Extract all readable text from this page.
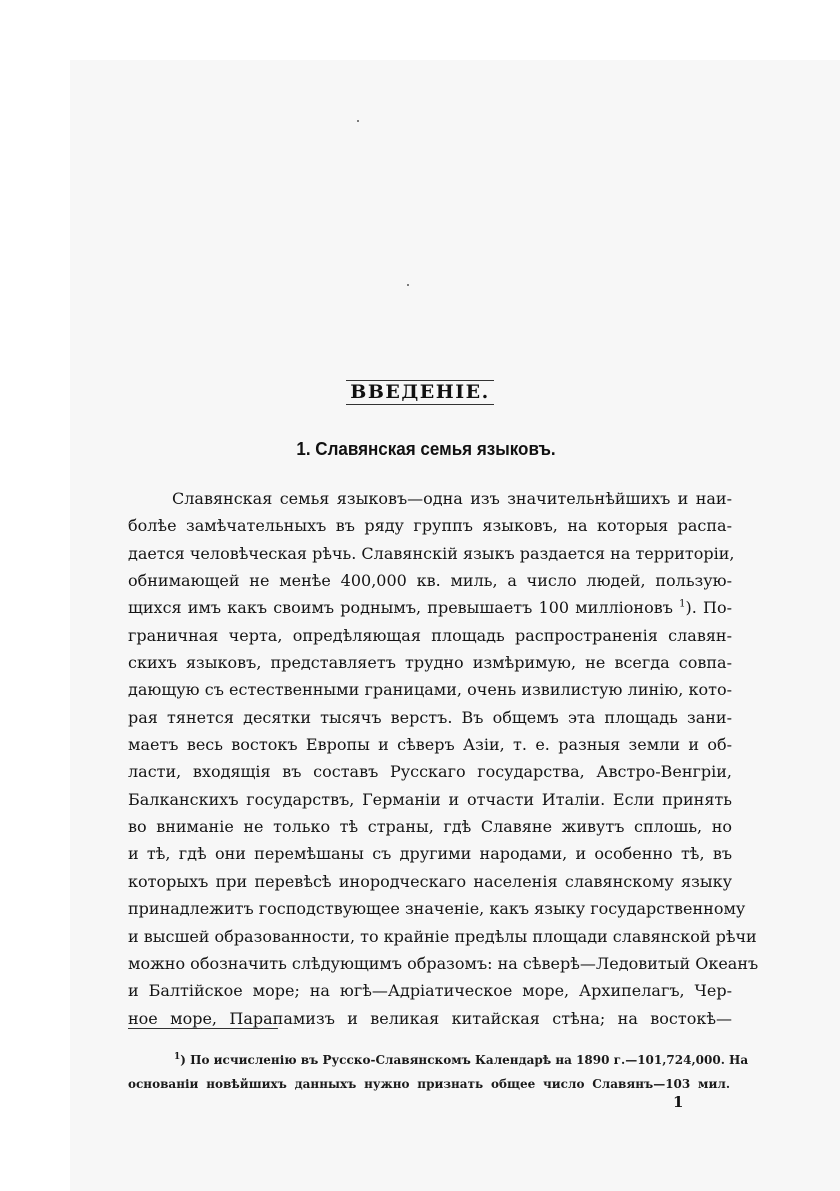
ВВЕДЕНІЕ.
1. Славянская семья языковъ.
Славянская семья языковъ—одна изъ значительнѣйшихъ и наи-
болѣе замѣчательныхъ въ ряду группъ языковъ, на которыя распа-
дается человѣческая рѣчь. Славянскій языкъ раздается на территоріи,
обнимающей не менѣе 400,000 кв. миль, а число людей, пользую-
щихся имъ какъ своимъ роднымъ, превышаетъ 100 милліоновъ $^1$). По-
граничная черта, опредѣляющая площадь распространенія славян-
скихъ языковъ, представляетъ трудно измѣримую, не всегда совпа-
дающую съ естественными границами, очень извилистую линію, кото-
рая тянется десятки тысячъ верстъ. Въ общемъ эта площадь зани-
маетъ весь востокъ Европы и сѣверъ Азіи, т. е. разныя земли и об-
ласти, входящія въ составъ Русскаго государства, Австро-Венгріи,
Балканскихъ государствъ, Германіи и отчасти Италіи. Если принять
во вниманіе не только тѣ страны, гдѣ Славяне живутъ сплошь, но
и тѣ, гдѣ они перемѣшаны съ другими народами, и особенно тѣ, въ
которыхъ при перевѣсѣ инородческаго населенія славянскому языку
принадлежитъ господствующее значеніе, какъ языку государственному
и высшей образованности, то крайніе предѣлы площади славянской рѣчи
можно обозначить слѣдующимъ образомъ: на сѣверѣ—Ледовитый Океанъ
и Балтійское море; на югѣ—Адріатическое море, Архипелагъ, Чер-
ное море, Парапамизъ и великая китайская стѣна; на востокѣ—
$^1$) По исчисленію въ Русско-Славянскомъ Календарѣ на 1890 г.—101,724,000. На
основаніи новѣйшихъ данныхъ нужно признать общее число Славянъ—103 мил.
1
